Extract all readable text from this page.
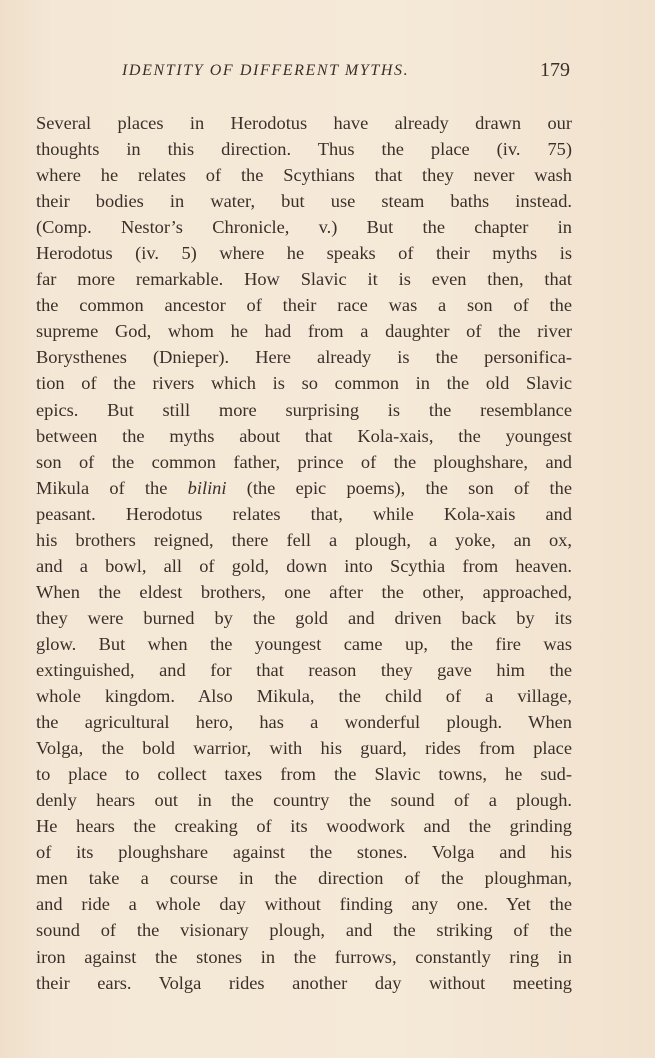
IDENTITY OF DIFFERENT MYTHS.	179
Several places in Herodotus have already drawn our
thoughts in this direction. Thus the place (iv. 75)
where he relates of the Scythians that they never wash
their bodies in water, but use steam baths instead.
(Comp. Nestor’s Chronicle, v.) But the chapter in
Herodotus (iv. 5) where he speaks of their myths is
far more remarkable. How Slavic it is even then, that
the common ancestor of their race was a son of the
supreme God, whom he had from a daughter of the river
Borysthenes (Dnieper). Here already is the personifica-
tion of the rivers which is so common in the old Slavic
epics. But still more surprising is the resemblance
between the myths about that Kola-xais, the youngest
son of the common father, prince of the ploughshare, and
Mikula of the bilini (the epic poems), the son of the
peasant. Herodotus relates that, while Kola-xais and
his brothers reigned, there fell a plough, a yoke, an ox,
and a bowl, all of gold, down into Scythia from heaven.
When the eldest brothers, one after the other, approached,
they were burned by the gold and driven back by its
glow. But when the youngest came up, the fire was
extinguished, and for that reason they gave him the
whole kingdom. Also Mikula, the child of a village,
the agricultural hero, has a wonderful plough. When
Volga, the bold warrior, with his guard, rides from place
to place to collect taxes from the Slavic towns, he sud-
denly hears out in the country the sound of a plough.
He hears the creaking of its woodwork and the grinding
of its ploughshare against the stones. Volga and his
men take a course in the direction of the ploughman,
and ride a whole day without finding any one. Yet the
sound of the visionary plough, and the striking of the
iron against the stones in the furrows, constantly ring in
their ears. Volga rides another day without meeting
